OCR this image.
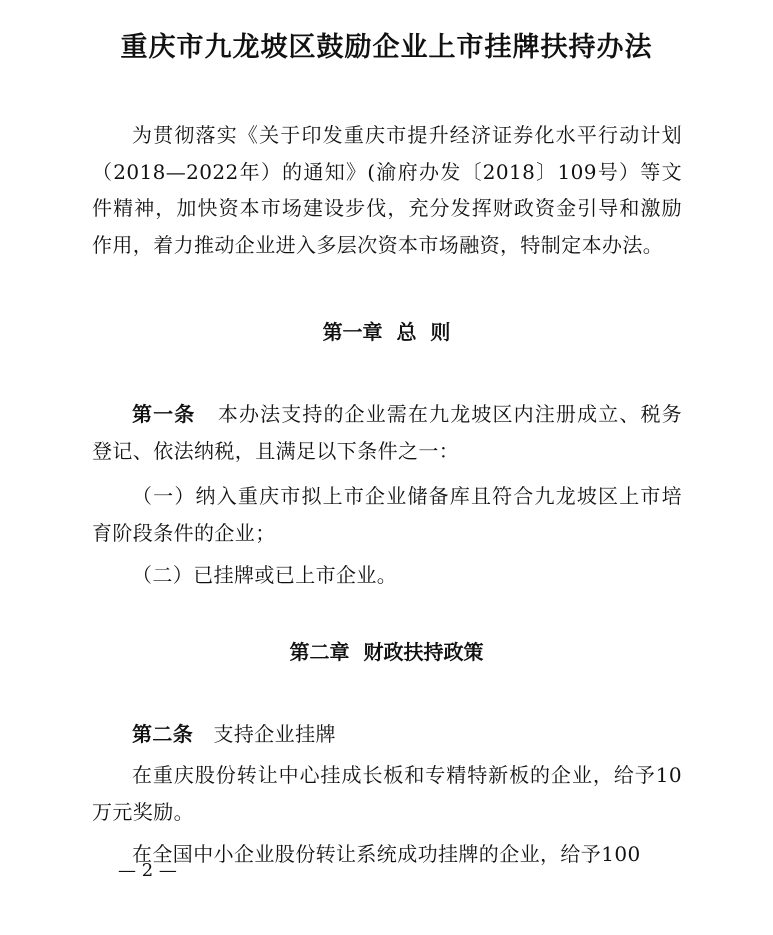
重庆市九龙坡区鼓励企业上市挂牌扶持办法
为贯彻落实《关于印发重庆市提升经济证券化水平行动计划（2018—2022年）的通知》(渝府办发〔2018〕109号）等文件精神，加快资本市场建设步伐，充分发挥财政资金引导和激励作用，着力推动企业进入多层次资本市场融资，特制定本办法。
第一章  总  则
第一条 本办法支持的企业需在九龙坡区内注册成立、税务登记、依法纳税，且满足以下条件之一：
（一）纳入重庆市拟上市企业储备库且符合九龙坡区上市培育阶段条件的企业；
（二）已挂牌或已上市企业。
第二章  财政扶持政策
第二条 支持企业挂牌
在重庆股份转让中心挂成长板和专精特新板的企业，给予10万元奖励。
在全国中小企业股份转让系统成功挂牌的企业，给予100
— 2 —
